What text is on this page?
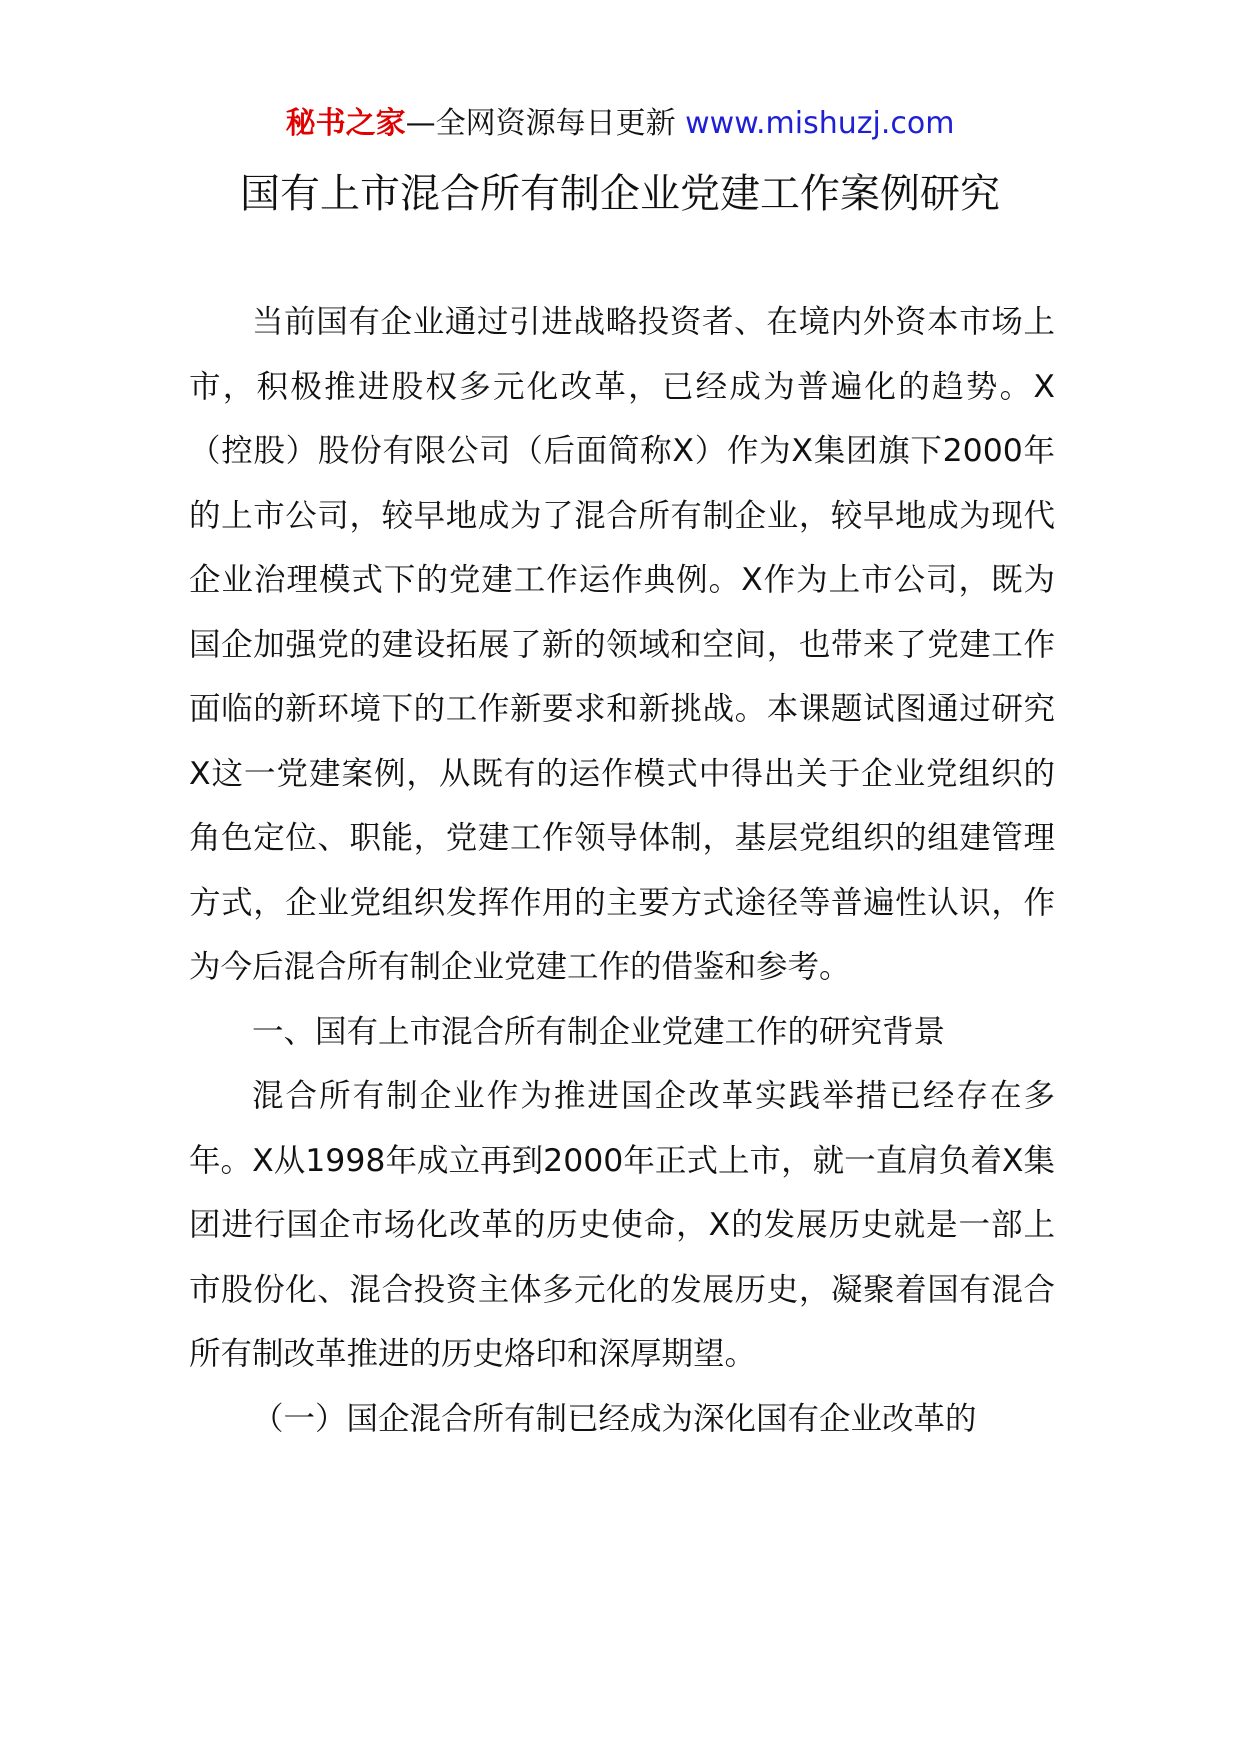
秘书之家—全网资源每日更新 www.mishuzj.com
国有上市混合所有制企业党建工作案例研究

当前国有企业通过引进战略投资者、在境内外资本市场上市，积极推进股权多元化改革，已经成为普遍化的趋势。X（控股）股份有限公司（后面简称X）作为X集团旗下2000年的上市公司，较早地成为了混合所有制企业，较早地成为现代企业治理模式下的党建工作运作典例。X作为上市公司，既为国企加强党的建设拓展了新的领域和空间，也带来了党建工作面临的新环境下的工作新要求和新挑战。本课题试图通过研究X这一党建案例，从既有的运作模式中得出关于企业党组织的角色定位、职能，党建工作领导体制，基层党组织的组建管理方式，企业党组织发挥作用的主要方式途径等普遍性认识，作为今后混合所有制企业党建工作的借鉴和参考。

一、国有上市混合所有制企业党建工作的研究背景

混合所有制企业作为推进国企改革实践举措已经存在多年。X从1998年成立再到2000年正式上市，就一直肩负着X集团进行国企市场化改革的历史使命，X的发展历史就是一部上市股份化、混合投资主体多元化的发展历史，凝聚着国有混合所有制改革推进的历史烙印和深厚期望。

（一）国企混合所有制已经成为深化国有企业改革的
